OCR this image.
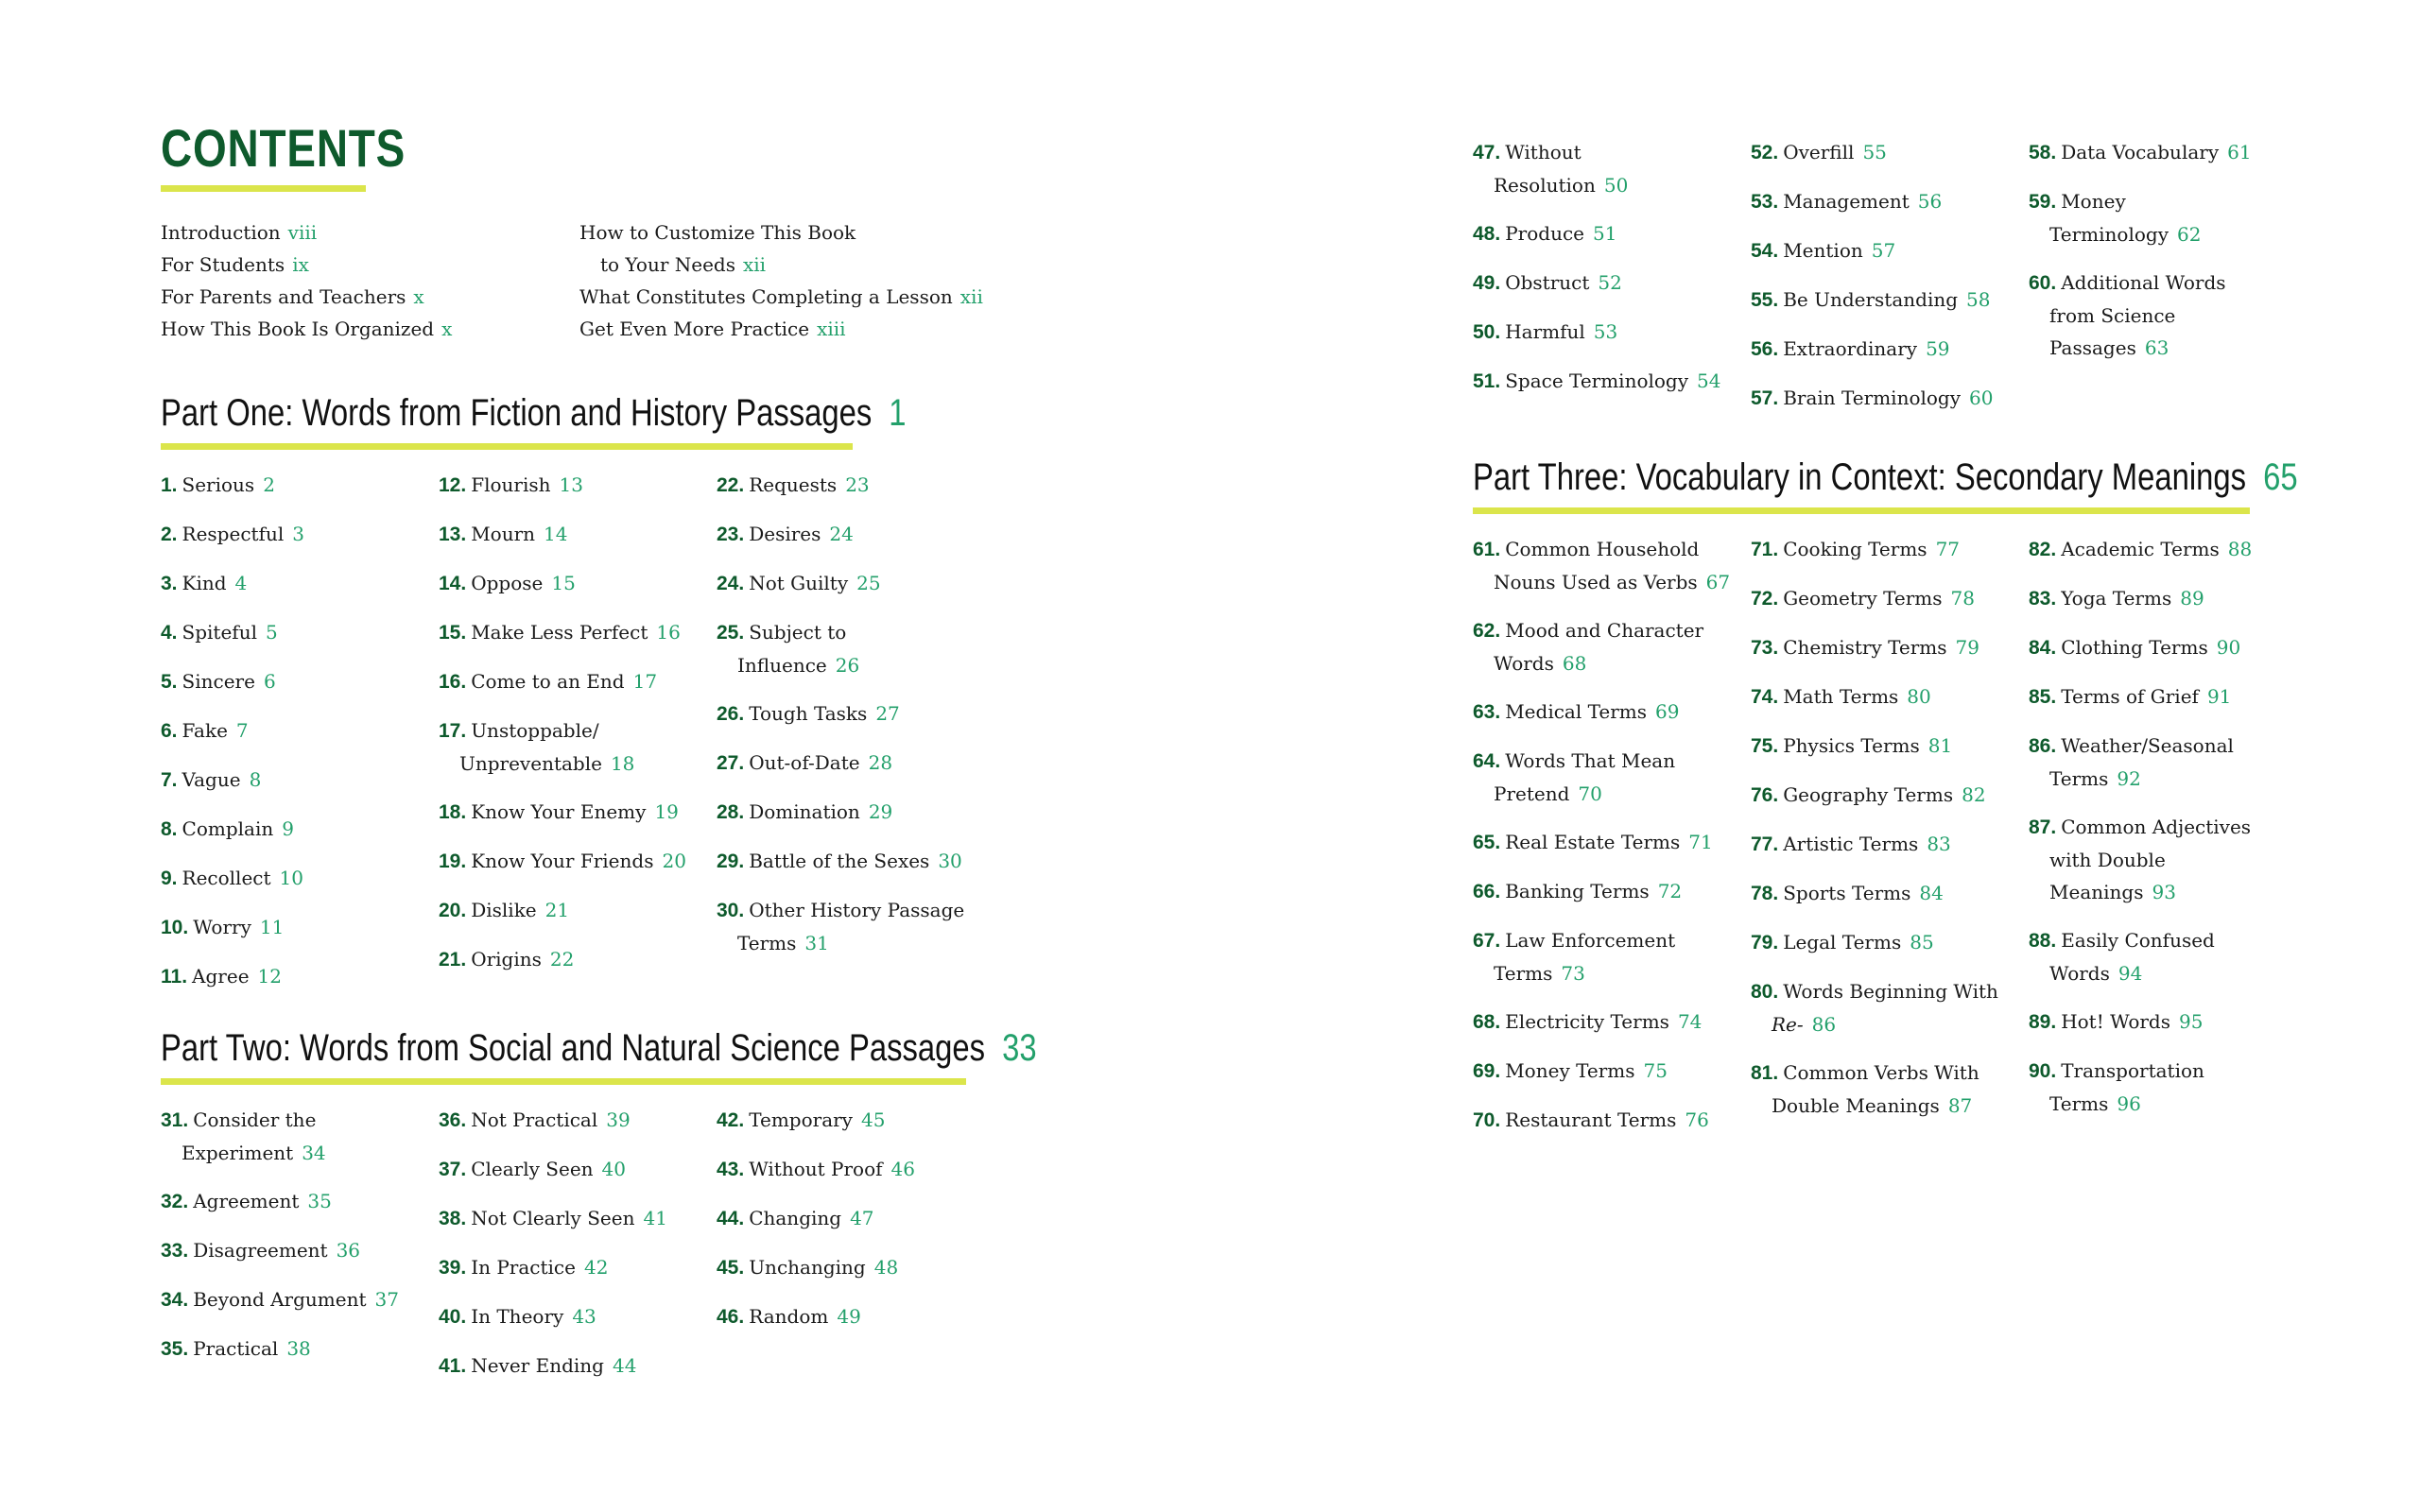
CONTENTS
Introduction viii
For Students ix
For Parents and Teachers x
How This Book Is Organized x
How to Customize This Book
to Your Needs xii
What Constitutes Completing a Lesson xii
Get Even More Practice xiii
Part One: Words from Fiction and History Passages 1
Part Two: Words from Social and Natural Science Passages 33
Part Three: Vocabulary in Context: Secondary Meanings 65
1. Serious 2
2. Respectful 3
3. Kind 4
4. Spiteful 5
5. Sincere 6
6. Fake 7
7. Vague 8
8. Complain 9
9. Recollect 10
10. Worry 11
11. Agree 12
12. Flourish 13
13. Mourn 14
14. Oppose 15
15. Make Less Perfect 16
16. Come to an End 17
17. Unstoppable/
Unpreventable 18
18. Know Your Enemy 19
19. Know Your Friends 20
20. Dislike 21
21. Origins 22
22. Requests 23
23. Desires 24
24. Not Guilty 25
25. Subject to
Influence 26
26. Tough Tasks 27
27. Out-of-Date 28
28. Domination 29
29. Battle of the Sexes 30
30. Other History Passage
Terms 31
31. Consider the
Experiment 34
32. Agreement 35
33. Disagreement 36
34. Beyond Argument 37
35. Practical 38
36. Not Practical 39
37. Clearly Seen 40
38. Not Clearly Seen 41
39. In Practice 42
40. In Theory 43
41. Never Ending 44
42. Temporary 45
43. Without Proof 46
44. Changing 47
45. Unchanging 48
46. Random 49
47. Without
Resolution 50
48. Produce 51
49. Obstruct 52
50. Harmful 53
51. Space Terminology 54
52. Overfill 55
53. Management 56
54. Mention 57
55. Be Understanding 58
56. Extraordinary 59
57. Brain Terminology 60
58. Data Vocabulary 61
59. Money
Terminology 62
60. Additional Words
from Science
Passages 63
61. Common Household
Nouns Used as Verbs 67
62. Mood and Character
Words 68
63. Medical Terms 69
64. Words That Mean
Pretend 70
65. Real Estate Terms 71
66. Banking Terms 72
67. Law Enforcement
Terms 73
68. Electricity Terms 74
69. Money Terms 75
70. Restaurant Terms 76
71. Cooking Terms 77
72. Geometry Terms 78
73. Chemistry Terms 79
74. Math Terms 80
75. Physics Terms 81
76. Geography Terms 82
77. Artistic Terms 83
78. Sports Terms 84
79. Legal Terms 85
80. Words Beginning With
Re- 86
81. Common Verbs With
Double Meanings 87
82. Academic Terms 88
83. Yoga Terms 89
84. Clothing Terms 90
85. Terms of Grief 91
86. Weather/Seasonal
Terms 92
87. Common Adjectives
with Double
Meanings 93
88. Easily Confused
Words 94
89. Hot! Words 95
90. Transportation
Terms 96
